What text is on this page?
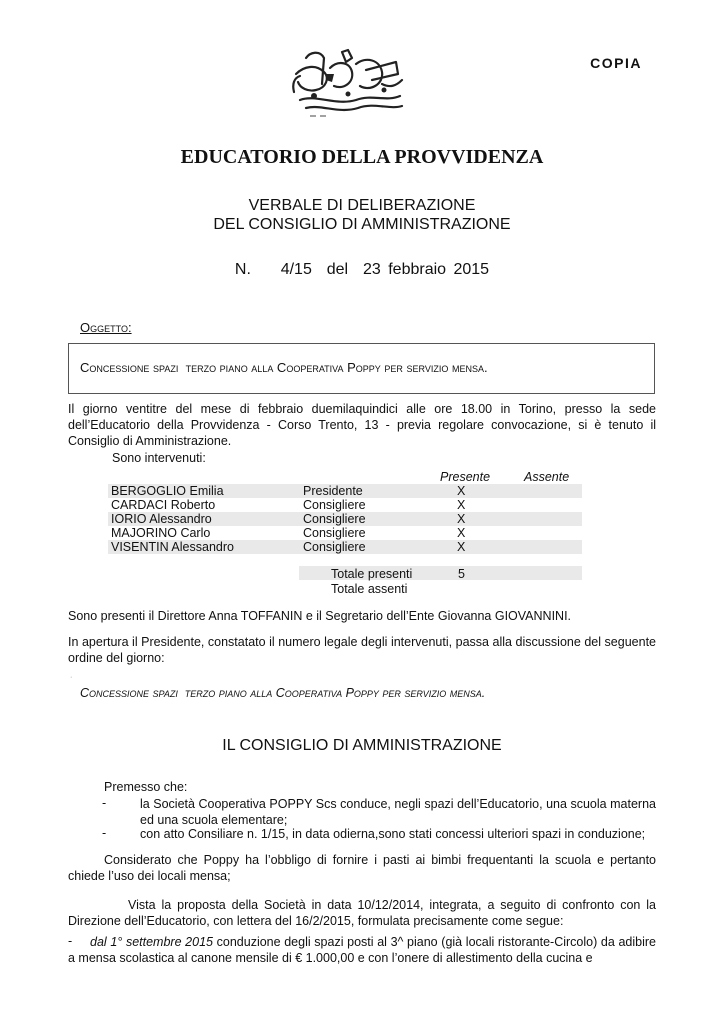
COPIA
EDUCATORIO DELLA PROVVIDENZA
VERBALE DI DELIBERAZIONE
DEL CONSIGLIO DI AMMINISTRAZIONE
N.    4/15  del  23 febbraio 2015
Oggetto:
Concessione spazi  terzo piano alla Cooperativa Poppy per servizio mensa.
Il giorno ventitre del mese di febbraio duemilaquindici alle ore 18.00 in Torino, presso la sede dell’Educatorio della Provvidenza - Corso Trento, 13 - previa regolare convocazione, si è tenuto il Consiglio di Amministrazione.
Sono intervenuti:
Presente	Assente
BERGOGLIO Emilia	Presidente	X
CARDACI Roberto	Consigliere	X
IORIO Alessandro	Consigliere	X
MAJORINO Carlo	Consigliere	X
VISENTIN Alessandro	Consigliere	X
Totale presenti	5
Totale assenti
Sono presenti il Direttore Anna TOFFANIN e il Segretario dell’Ente Giovanna GIOVANNINI.
In apertura il Presidente, constatato il numero legale degli intervenuti, passa alla discussione del seguente ordine del giorno:
·
Concessione spazi  terzo piano alla Cooperativa Poppy per servizio mensa.
IL CONSIGLIO DI AMMINISTRAZIONE
Premesso che:
-	la Società Cooperativa POPPY Scs conduce, negli spazi dell’Educatorio, una scuola materna ed una scuola elementare;
-	con atto Consiliare n. 1/15, in data odierna,sono stati concessi ulteriori spazi in conduzione;
Considerato che Poppy ha l’obbligo di fornire i pasti ai bimbi frequentanti la scuola e pertanto chiede l’uso dei locali mensa;
Vista la proposta della Società in data 10/12/2014, integrata, a seguito di confronto con la Direzione dell’Educatorio, con lettera del 16/2/2015, formulata precisamente come segue:
-	dal 1° settembre 2015 conduzione degli spazi posti al 3^ piano (già locali ristorante-Circolo) da adibire a mensa scolastica al canone mensile di € 1.000,00 e con l’onere di allestimento della cucina e
